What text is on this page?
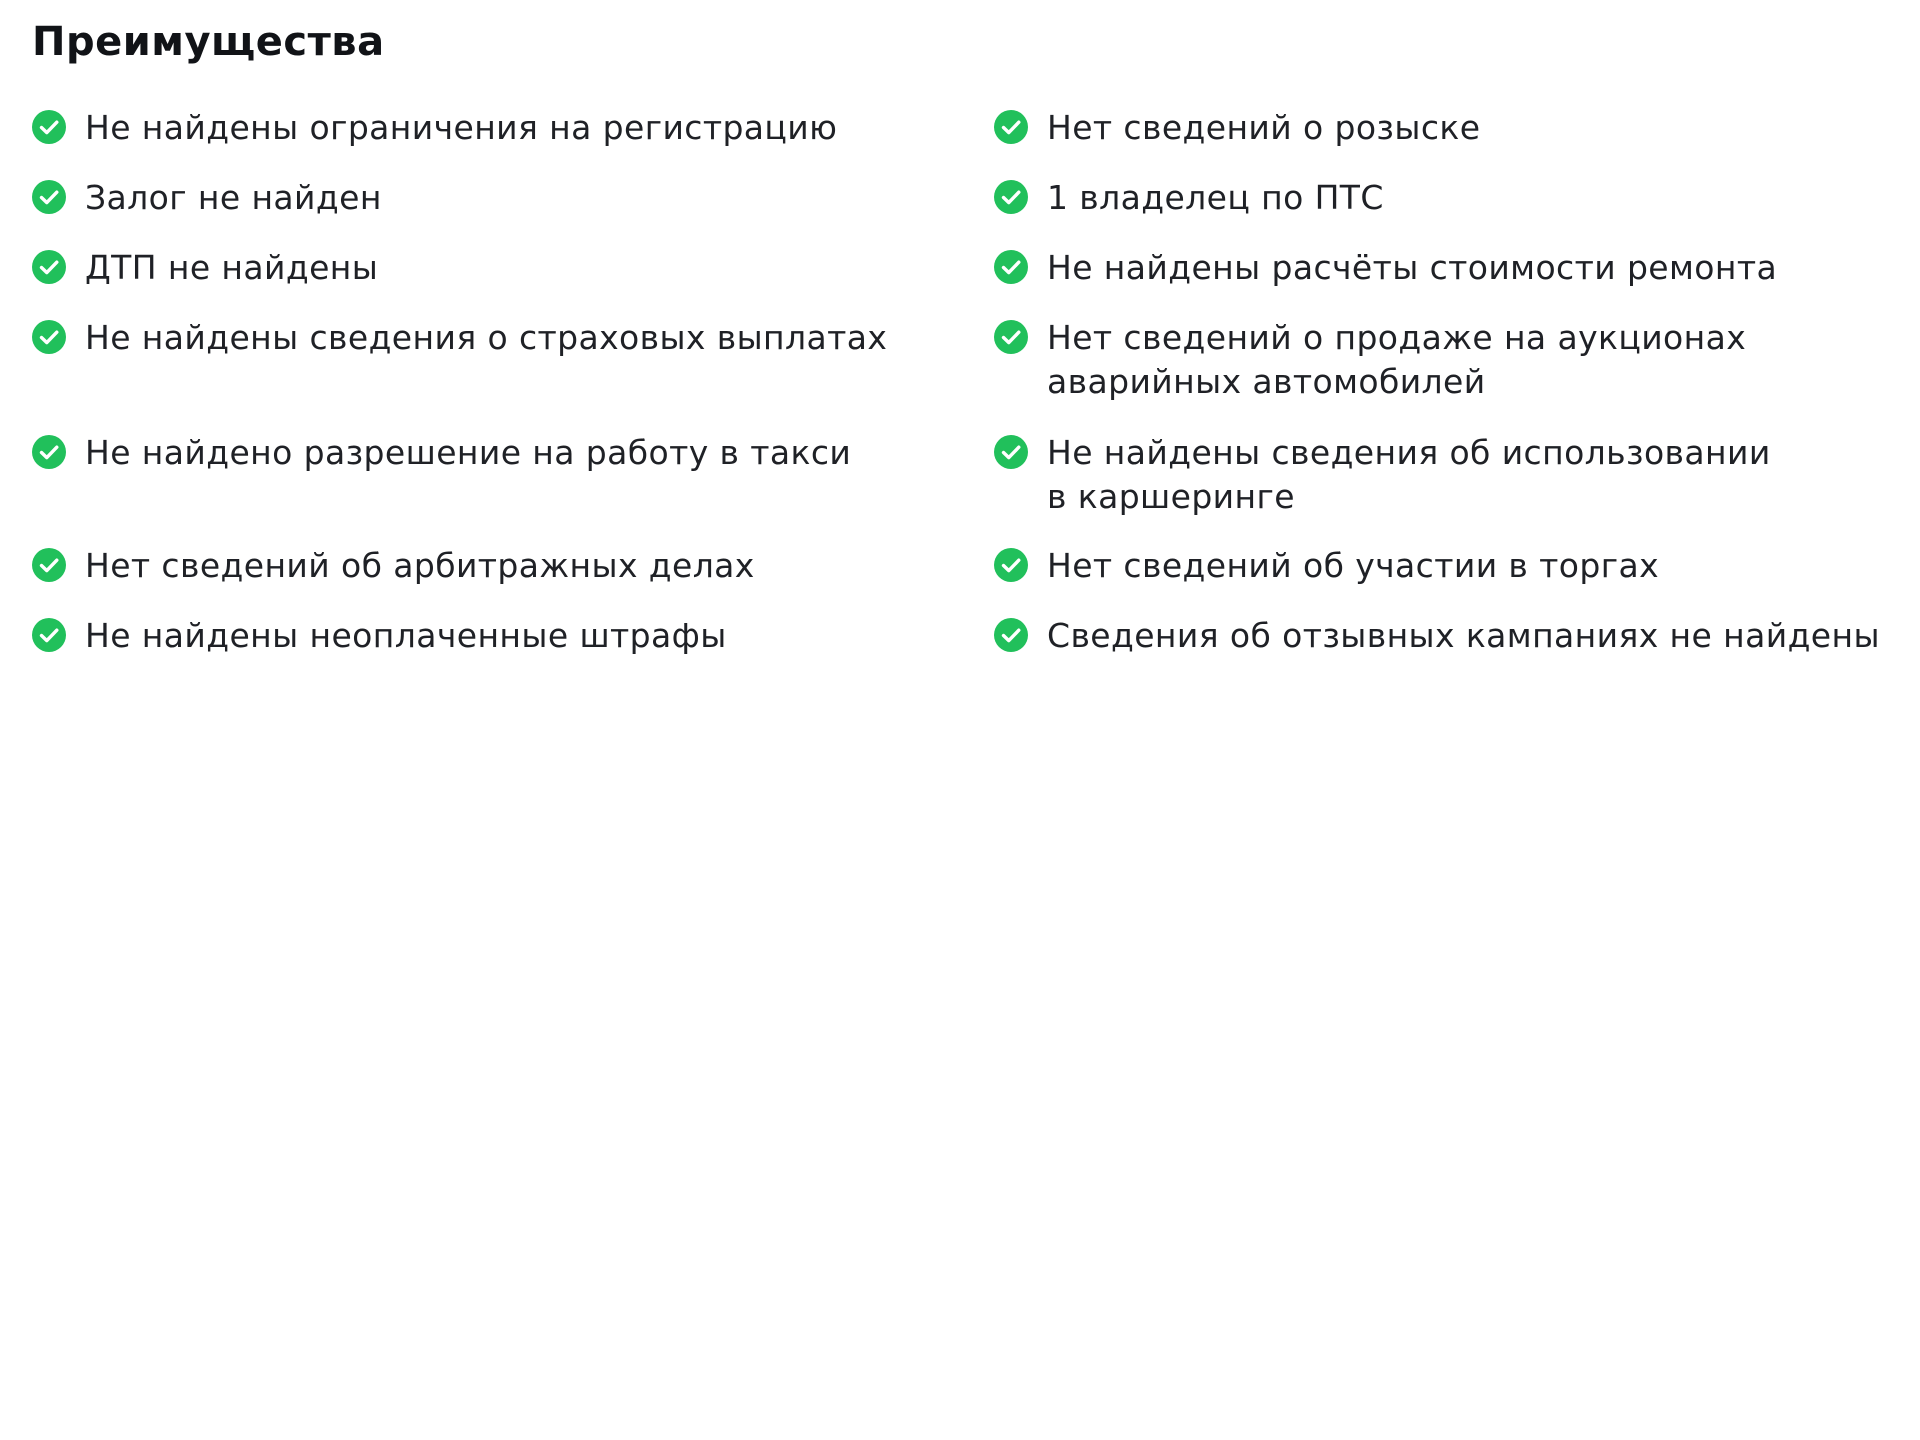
Преимущества
Не найдены ограничения на регистрацию	Нет сведений о розыске
Залог не найден	1 владелец по ПТС
ДТП не найдены	Не найдены расчёты стоимости ремонта
Не найдены сведения о страховых выплатах	Нет сведений о продаже на аукционах аварийных автомобилей
Не найдено разрешение на работу в такси	Не найдены сведения об использовании в каршеринге
Нет сведений об арбитражных делах	Нет сведений об участии в торгах
Не найдены неоплаченные штрафы	Сведения об отзывных кампаниях не найдены
